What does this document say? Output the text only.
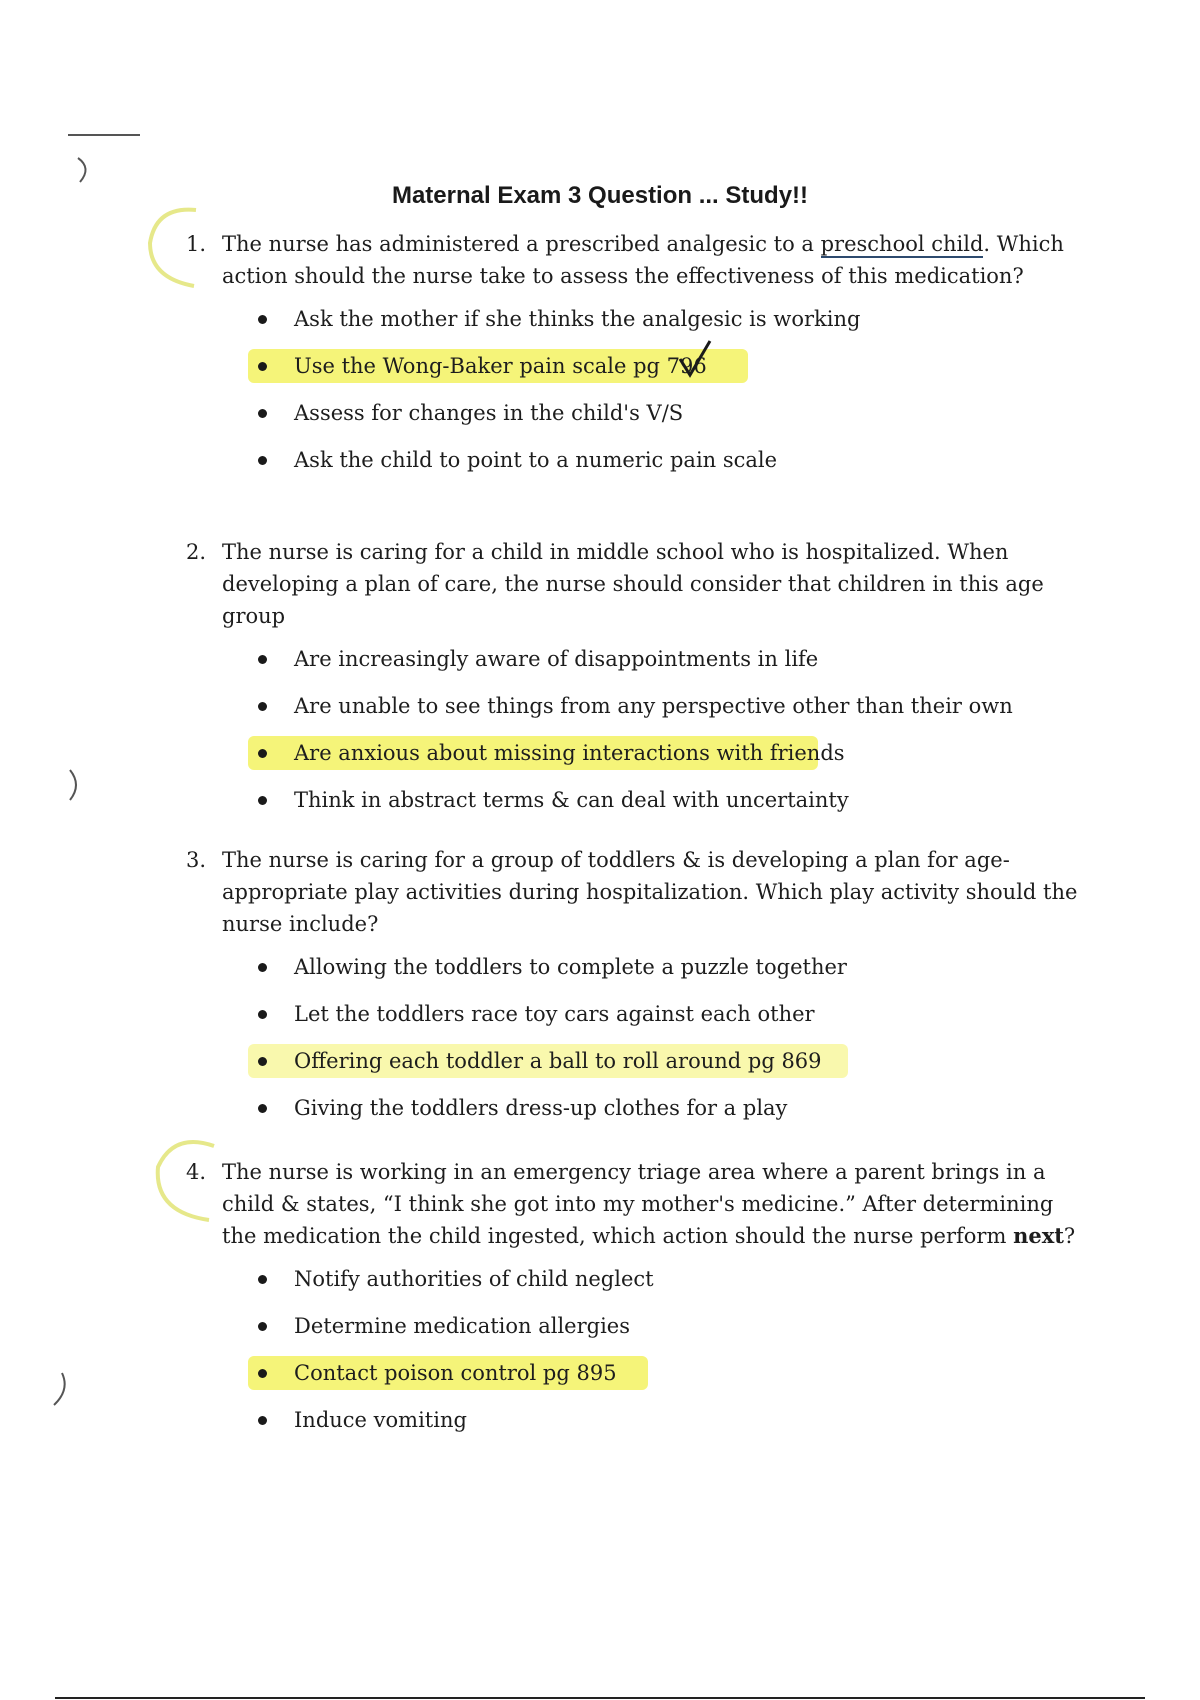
Maternal Exam 3 Question ... Study!!
1. The nurse has administered a prescribed analgesic to a preschool child. Which action should the nurse take to assess the effectiveness of this medication?
Ask the mother if she thinks the analgesic is working
Use the Wong-Baker pain scale pg 796
Assess for changes in the child's V/S
Ask the child to point to a numeric pain scale
2. The nurse is caring for a child in middle school who is hospitalized. When developing a plan of care, the nurse should consider that children in this age group
Are increasingly aware of disappointments in life
Are unable to see things from any perspective other than their own
Are anxious about missing interactions with friends
Think in abstract terms & can deal with uncertainty
3. The nurse is caring for a group of toddlers & is developing a plan for age-appropriate play activities during hospitalization. Which play activity should the nurse include?
Allowing the toddlers to complete a puzzle together
Let the toddlers race toy cars against each other
Offering each toddler a ball to roll around pg 869
Giving the toddlers dress-up clothes for a play
4. The nurse is working in an emergency triage area where a parent brings in a child & states, “I think she got into my mother's medicine.” After determining the medication the child ingested, which action should the nurse perform next?
Notify authorities of child neglect
Determine medication allergies
Contact poison control pg 895
Induce vomiting
